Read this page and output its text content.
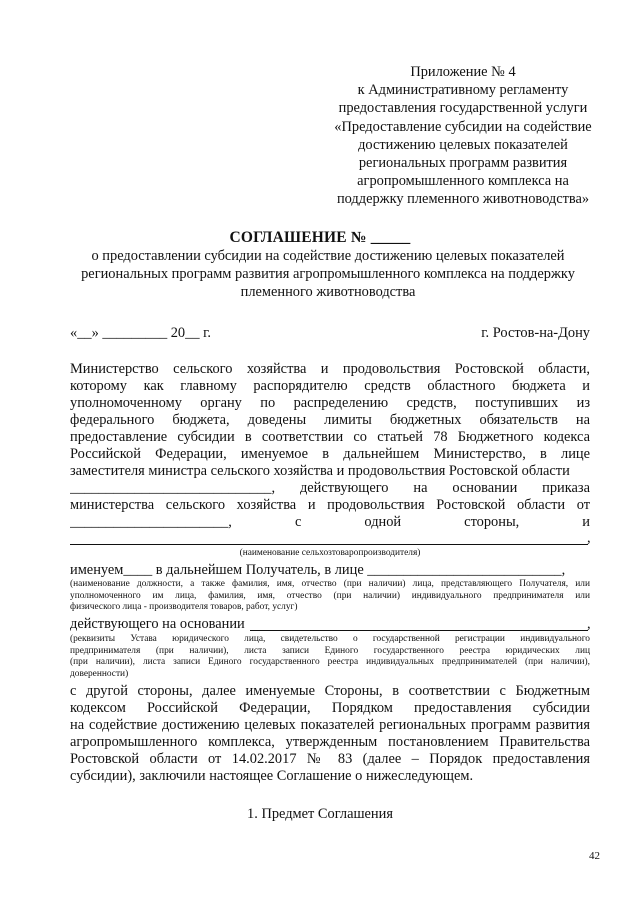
Приложение № 4
к Административному регламенту
предоставления государственной услуги
«Предоставление субсидии на содействие
достижению целевых показателей
региональных программ развития
агропромышленного комплекса на
поддержку племенного животноводства»
СОГЛАШЕНИЕ № _____
о предоставлении субсидии на содействие достижению целевых показателей
региональных программ развития агропромышленного комплекса на поддержку
племенного животноводства
«__» _________ 20__ г.	г. Ростов-на-Дону
Министерство сельского хозяйства и продовольствия Ростовской области,
которому как главному распорядителю средств областного бюджета и
уполномоченному органу по распределению средств, поступивших из
федерального бюджета, доведены лимиты бюджетных обязательств на
предоставление субсидии в соответствии со статьей 78 Бюджетного кодекса
Российской Федерации, именуемое в дальнейшем Министерство, в лице
заместителя министра сельского хозяйства и продовольствия Ростовской области
____________________________, действующего на основании приказа
министерства сельского хозяйства и продовольствия Ростовской области от
______________________, с одной стороны, и
,
(наименование сельхозтоваропроизводителя)
именуем____ в дальнейшем Получатель, в лице ___________________________,
(наименование должности, а также фамилия, имя, отчество (при наличии) лица, представляющего Получателя, или
уполномоченного им лица, фамилия, имя, отчество (при наличии) индивидуального предпринимателя или
физического лица - производителя товаров, работ, услуг)
действующего на основании	,
(реквизиты Устава юридического лица, свидетельство о государственной регистрации индивидуального
предпринимателя (при наличии), листа записи Единого государственного реестра юридических лиц
(при наличии), листа записи Единого государственного реестра индивидуальных предпринимателей (при наличии),
доверенности)
с другой стороны, далее именуемые Стороны, в соответствии с Бюджетным
кодексом Российской Федерации, Порядком предоставления субсидии
на содействие достижению целевых показателей региональных программ развития
агропромышленного комплекса, утвержденным постановлением Правительства
Ростовской области от 14.02.2017 № 83 (далее – Порядок предоставления
субсидии), заключили настоящее Соглашение о нижеследующем.
1. Предмет Соглашения
42
